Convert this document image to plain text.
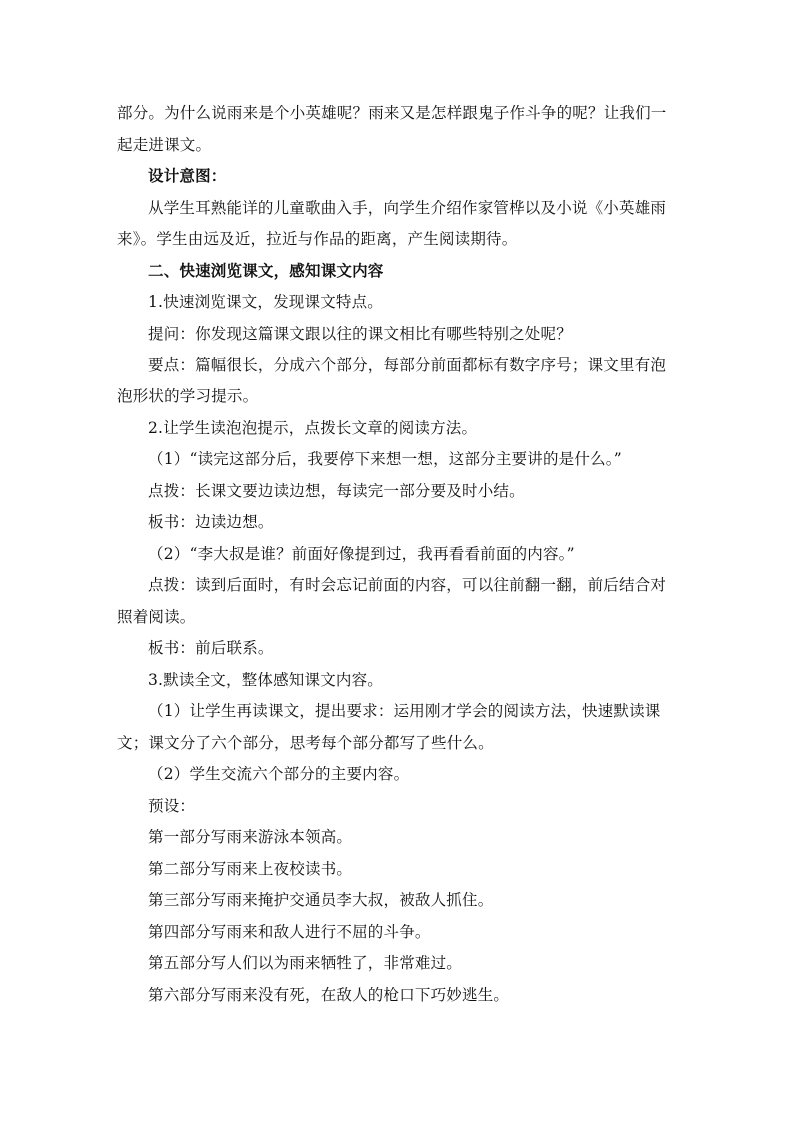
部分。为什么说雨来是个小英雄呢？雨来又是怎样跟鬼子作斗争的呢？让我们一
起走进课文。
设计意图：
从学生耳熟能详的儿童歌曲入手，向学生介绍作家管桦以及小说《小英雄雨
来》。学生由远及近，拉近与作品的距离，产生阅读期待。
二、快速浏览课文，感知课文内容
1.快速浏览课文，发现课文特点。
提问：你发现这篇课文跟以往的课文相比有哪些特别之处呢？
要点：篇幅很长，分成六个部分，每部分前面都标有数字序号；课文里有泡
泡形状的学习提示。
2.让学生读泡泡提示，点拨长文章的阅读方法。
（1）“读完这部分后，我要停下来想一想，这部分主要讲的是什么。”
点拨：长课文要边读边想，每读完一部分要及时小结。
板书：边读边想。
（2）“李大叔是谁？前面好像提到过，我再看看前面的内容。”
点拨：读到后面时，有时会忘记前面的内容，可以往前翻一翻，前后结合对
照着阅读。
板书：前后联系。
3.默读全文，整体感知课文内容。
（1）让学生再读课文，提出要求：运用刚才学会的阅读方法，快速默读课
文；课文分了六个部分，思考每个部分都写了些什么。
（2）学生交流六个部分的主要内容。
预设：
第一部分写雨来游泳本领高。
第二部分写雨来上夜校读书。
第三部分写雨来掩护交通员李大叔，被敌人抓住。
第四部分写雨来和敌人进行不屈的斗争。
第五部分写人们以为雨来牺牲了，非常难过。
第六部分写雨来没有死，在敌人的枪口下巧妙逃生。
